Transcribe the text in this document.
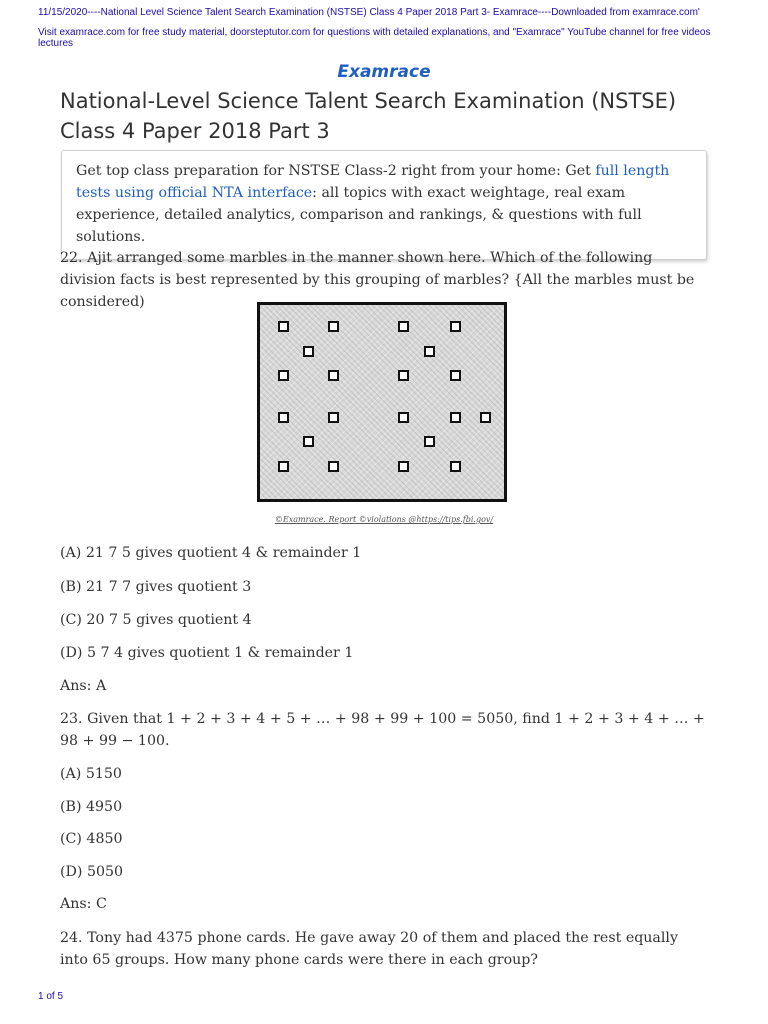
11/15/2020----National Level Science Talent Search Examination (NSTSE) Class 4 Paper 2018 Part 3- Examrace----Downloaded from examrace.com'
Visit examrace.com for free study material, doorsteptutor.com for questions with detailed explanations, and "Examrace" YouTube channel for free videos lectures
Examrace
National-Level Science Talent Search Examination (NSTSE) Class 4 Paper 2018 Part 3
Get top class preparation for NSTSE Class-2 right from your home: Get full length tests using official NTA interface: all topics with exact weightage, real exam experience, detailed analytics, comparison and rankings, & questions with full solutions.
22. Ajit arranged some marbles in the manner shown here. Which of the following division facts is best represented by this grouping of marbles? {All the marbles must be considered)
©Examrace. Report ©violations @https://tips.fbi.gov/
(A) 21 7 5 gives quotient 4 & remainder 1
(B) 21 7 7 gives quotient 3
(C) 20 7 5 gives quotient 4
(D) 5 7 4 gives quotient 1 & remainder 1
Ans: A
23. Given that 1 + 2 + 3 + 4 + 5 + … + 98 + 99 + 100 = 5050, find 1 + 2 + 3 + 4 + … + 98 + 99 − 100.
(A) 5150
(B) 4950
(C) 4850
(D) 5050
Ans: C
24. Tony had 4375 phone cards. He gave away 20 of them and placed the rest equally into 65 groups. How many phone cards were there in each group?
1 of 5
